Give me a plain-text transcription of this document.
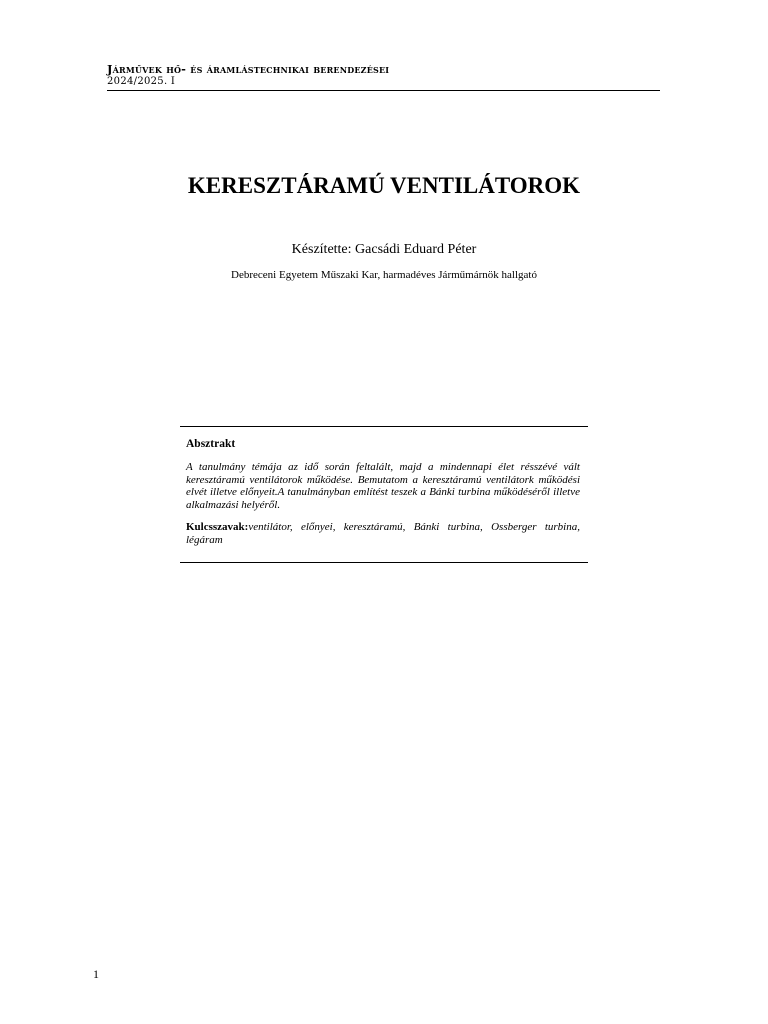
Járművek hő- és áramlástechnikai berendezései
2024/2025. I
KERESZTÁRAMÚ VENTILÁTOROK
Készítette: Gacsádi Eduard Péter
Debreceni Egyetem Műszaki Kar, harmadéves Járműmárnök hallgató
Absztrakt
A tanulmány témája az idő során feltalált, majd a mindennapi élet résszévé vált keresztáramú ventilátorok működése. Bemutatom a keresztáramú ventilátork működési elvét illetve előnyeit.A tanulmányban említést teszek a Bánki turbina működéséről illetve alkalmazási helyéről.
Kulcsszavak:ventilátor, előnyei, keresztáramú, Bánki turbina, Ossberger turbina, légáram
1
